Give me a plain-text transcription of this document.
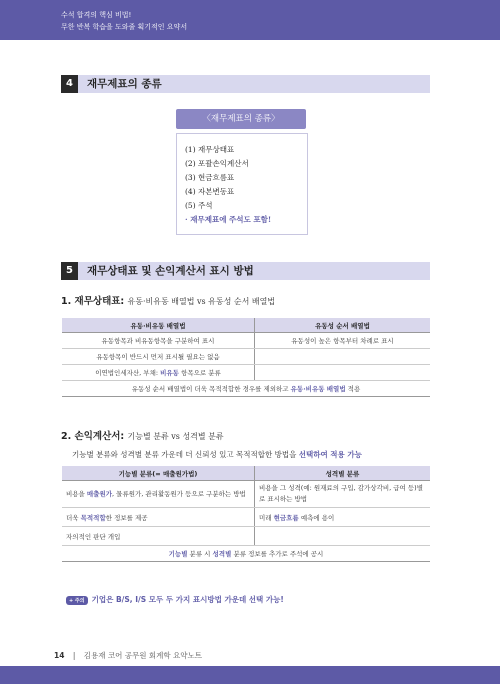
수석 합격의 핵심 비법!
무한 반복 학습을 도와줄 획기적인 요약서
4	재무제표의 종류
〈재무제표의 종류〉
(1) 재무상태표
(2) 포괄손익계산서
(3) 현금흐름표
(4) 자본변동표
(5) 주석
· 재무제표에 주석도 포함!
5	재무상태표 및 손익계산서 표시 방법
1. 재무상태표: 유동·비유동 배열법 vs 유동성 순서 배열법
유동·비유동 배열법	유동성 순서 배열법
유동항목과 비유동항목을 구분하여 표시	유동성이 높은 항목부터 차례로 표시
유동항목이 반드시 먼저 표시될 필요는 없음	
이연법인세자산, 부채: 비유동 항목으로 분류	
유동성 순서 배열법이 더욱 목적적합한 경우를 제외하고 유동·비유동 배열법 적용	
2. 손익계산서: 기능별 분류 vs 성격별 분류
기능별 분류와 성격별 분류 가운데 더 신뢰성 있고 목적적합한 방법을 선택하여 적용 가능
기능별 분류(= 매출원가법)	성격별 분류
비용을 매출원가, 물류원가, 관리활동원가 등으로 구분하는 방법	비용을 그 성격(예: 원재료의 구입, 감가상각비, 급여 등)별로 표시하는 방법
더욱 목적적합한 정보를 제공	미래 현금흐름 예측에 용이
자의적인 판단 개입	
기능별 분류 시 성격별 분류 정보를 추가로 주석에 공시	
+ 주의 기업은 B/S, I/S 모두 두 가지 표시방법 가운데 선택 가능!
14 | 김용재 코어 공무원 회계학 요약노트
